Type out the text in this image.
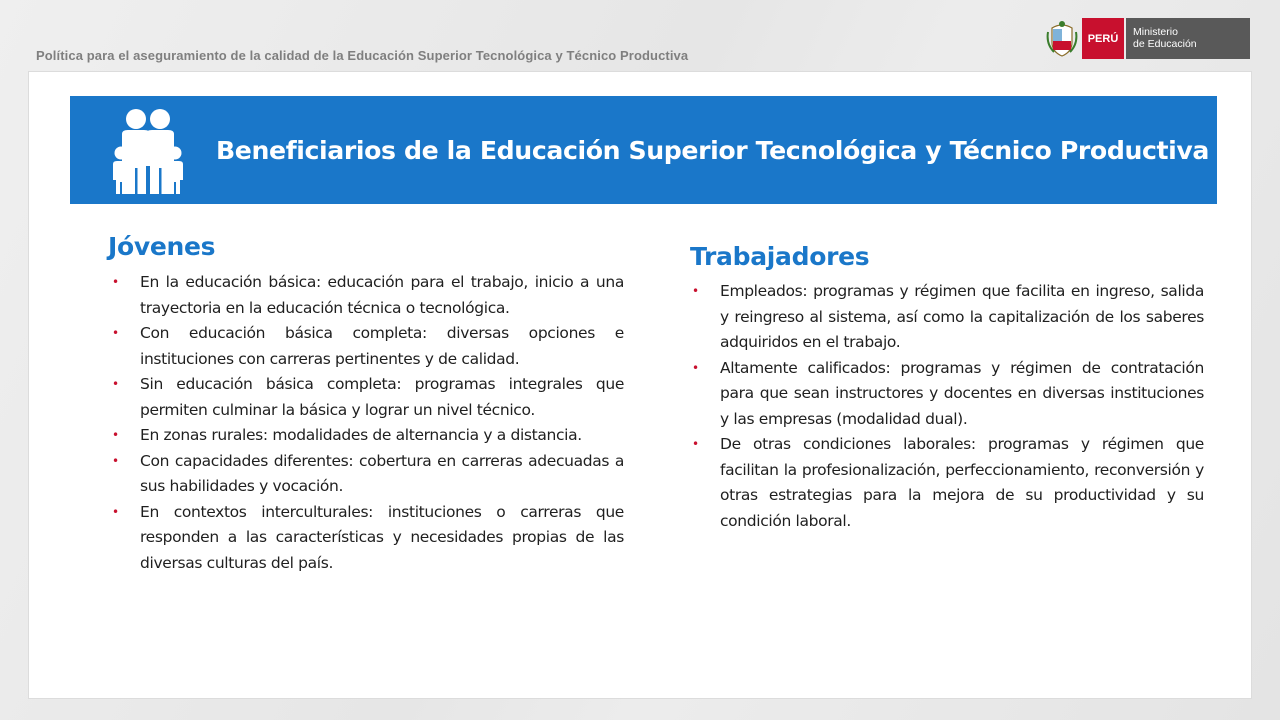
Política para el aseguramiento de la calidad de la Educación Superior Tecnológica y Técnico Productiva
PERÚ
Ministerio
de Educación
Beneficiarios de la Educación Superior Tecnológica y Técnico Productiva
Jóvenes
• En la educación básica: educación para el trabajo, inicio a una trayectoria en la educación técnica o tecnológica.
• Con educación básica completa: diversas opciones e instituciones con carreras pertinentes y de calidad.
• Sin educación básica completa: programas integrales que permiten culminar la básica y lograr un nivel técnico.
• En zonas rurales: modalidades de alternancia y a distancia.
• Con capacidades diferentes: cobertura en carreras adecuadas a sus habilidades y vocación.
• En contextos interculturales: instituciones o carreras que responden a las características y necesidades propias de las diversas culturas del país.
Trabajadores
• Empleados: programas y régimen que facilita en ingreso, salida y reingreso al sistema, así como la capitalización de los saberes adquiridos en el trabajo.
• Altamente calificados: programas y régimen de contratación para que sean instructores y docentes en diversas instituciones y las empresas (modalidad dual).
• De otras condiciones laborales: programas y régimen que facilitan la profesionalización, perfeccionamiento, reconversión y otras estrategias para la mejora de su productividad y su condición laboral.
